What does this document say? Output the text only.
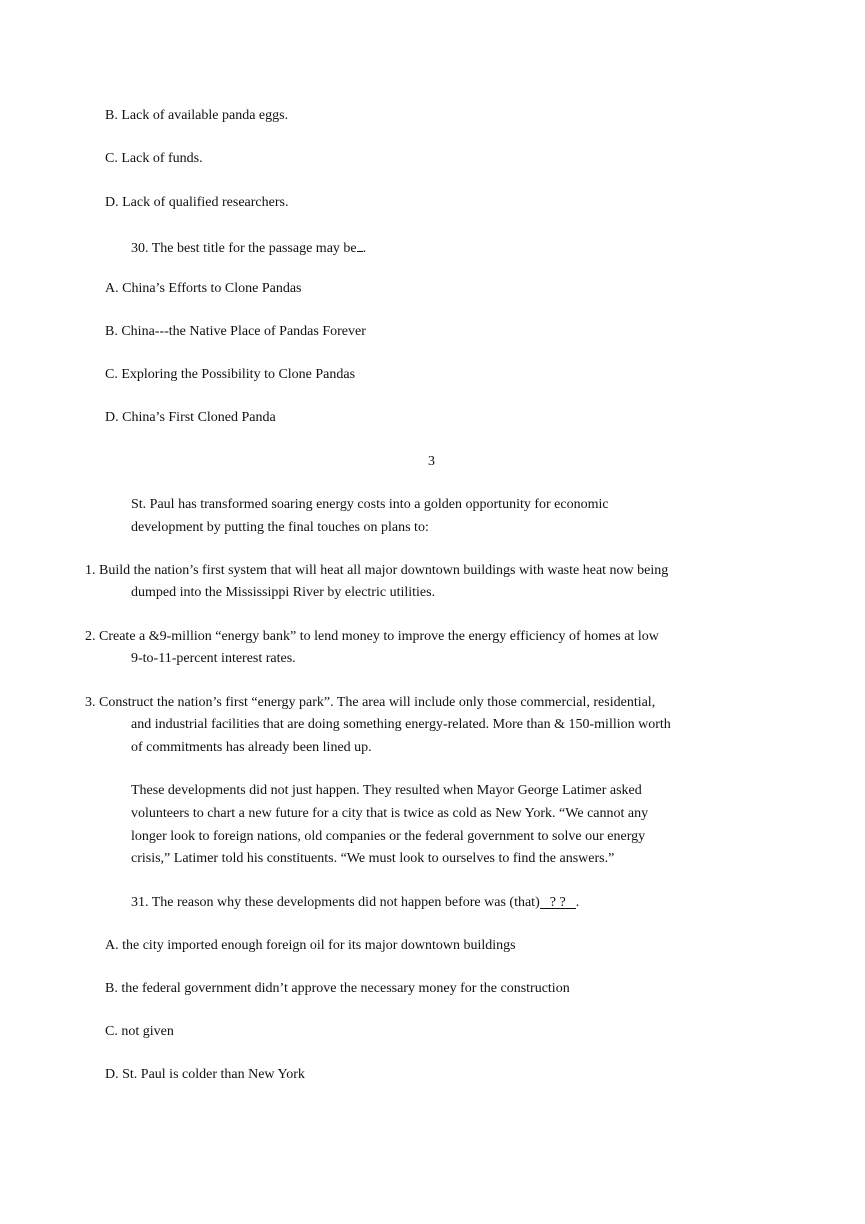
B. Lack of available panda eggs.
C. Lack of funds.
D. Lack of qualified researchers.
30. The best title for the passage may be .
A. China’s Efforts to Clone Pandas
B. China---the Native Place of Pandas Forever
C. Exploring the Possibility to Clone Pandas
D. China’s First Cloned Panda
3
St. Paul has transformed soaring energy costs into a golden opportunity for economic
development by putting the final touches on plans to:
1. Build the nation’s first system that will heat all major downtown buildings with waste heat now being
dumped into the Mississippi River by electric utilities.
2. Create a &9-million “energy bank” to lend money to improve the energy efficiency of homes at low
9-to-11-percent interest rates.
3. Construct the nation’s first “energy park”. The area will include only those commercial, residential,
and industrial facilities that are doing something energy-related. More than & 150-million worth
of commitments has already been lined up.
These developments did not just happen. They resulted when Mayor George Latimer asked
volunteers to chart a new future for a city that is twice as cold as New York. “We cannot any
longer look to foreign nations, old companies or the federal government to solve our energy
crisis,” Latimer told his constituents. “We must look to ourselves to find the answers.”
31. The reason why these developments did not happen before was (that) ? ? .
A. the city imported enough foreign oil for its major downtown buildings
B. the federal government didn’t approve the necessary money for the construction
C. not given
D. St. Paul is colder than New York
